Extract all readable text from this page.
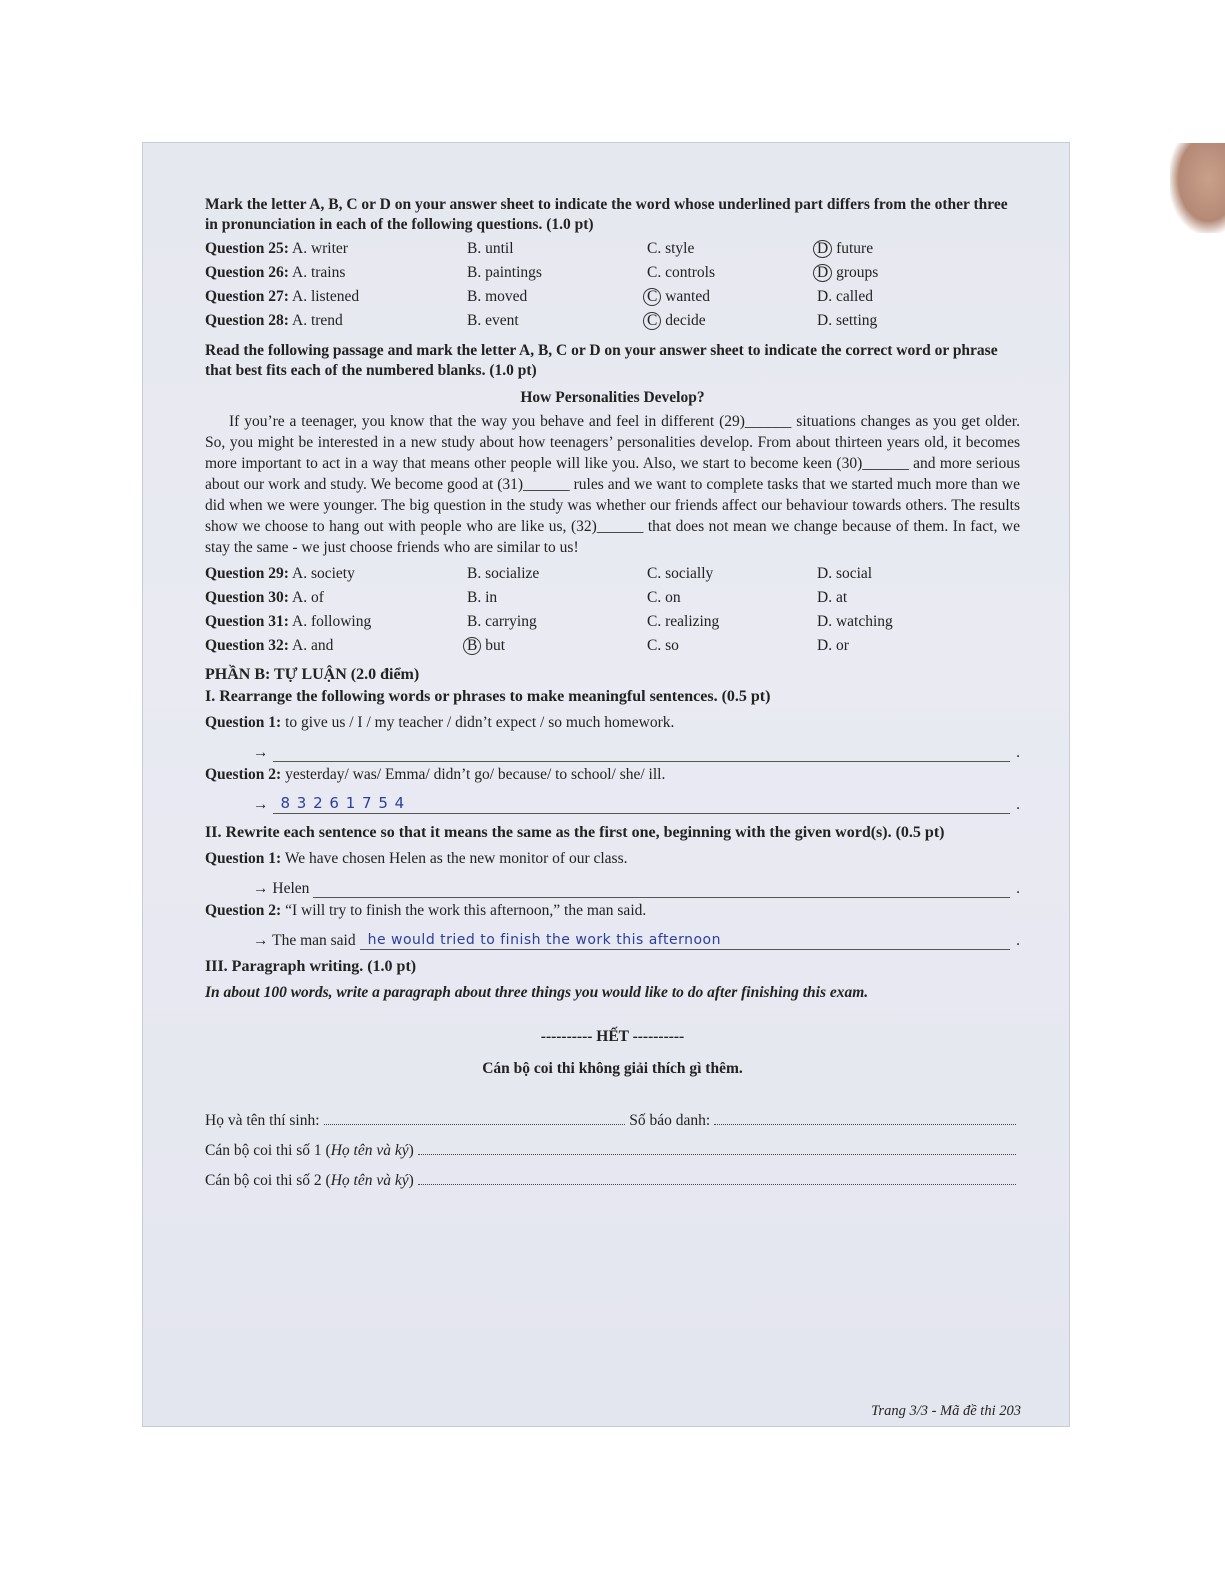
Mark the letter A, B, C or D on your answer sheet to indicate the word whose underlined part differs from the other three in pronunciation in each of the following questions. (1.0 pt)

Question 25: A. writer	B. until	C. style	D future
Question 26: A. trains	B. paintings	C. controls	D groups
Question 27: A. listened	B. moved	C wanted	D. called
Question 28: A. trend	B. event	C decide	D. setting

Read the following passage and mark the letter A, B, C or D on your answer sheet to indicate the correct word or phrase that best fits each of the numbered blanks. (1.0 pt)

How Personalities Develop?

If you’re a teenager, you know that the way you behave and feel in different (29)______ situations changes as you get older. So, you might be interested in a new study about how teenagers’ personalities develop. From about thirteen years old, it becomes more important to act in a way that means other people will like you. Also, we start to become keen (30)______ and more serious about our work and study. We become good at (31)______ rules and we want to complete tasks that we started much more than we did when we were younger. The big question in the study was whether our friends affect our behaviour towards others. The results show we choose to hang out with people who are like us, (32)______ that does not mean we change because of them. In fact, we stay the same - we just choose friends who are similar to us!

Question 29: A. society	B. socialize	C. socially	D. social
Question 30: A. of	B. in	C. on	D. at
Question 31: A. following	B. carrying	C. realizing	D. watching
Question 32: A. and	B but	C. so	D. or
PHẦN B: TỰ LUẬN (2.0 điểm)
I. Rearrange the following words or phrases to make meaningful sentences. (0.5 pt)
Question 1: to give us / I / my teacher / didn’t expect / so much homework.
→	.
Question 2: yesterday/ was/ Emma/ didn’t go/ because/ to school/ she/ ill.
→ 8 3 2 6 1 7 5 4	.
II. Rewrite each sentence so that it means the same as the first one, beginning with the given word(s). (0.5 pt)
Question 1: We have chosen Helen as the new monitor of our class.
→ Helen	.
Question 2: “I will try to finish the work this afternoon,” the man said.
→ The man said he would tried to finish the work this afternoon	.
III. Paragraph writing. (1.0 pt)
In about 100 words, write a paragraph about three things you would like to do after finishing this exam.
---------- HẾT ----------
Cán bộ coi thi không giải thích gì thêm.
Họ và tên thí sinh:	Số báo danh:
Cán bộ coi thi số 1 (Họ tên và ký)
Cán bộ coi thi số 2 (Họ tên và ký)
Trang 3/3 - Mã đề thi 203
